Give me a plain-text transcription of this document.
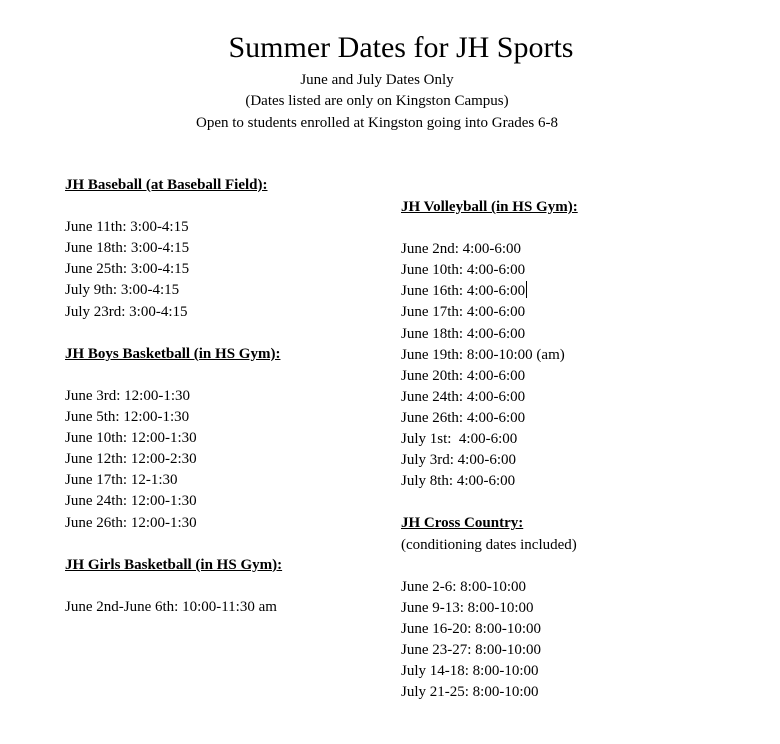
Summer Dates for JH Sports
June and July Dates Only
(Dates listed are only on Kingston Campus)
Open to students enrolled at Kingston going into Grades 6-8
JH Baseball (at Baseball Field):
June 11th: 3:00-4:15
June 18th: 3:00-4:15
June 25th: 3:00-4:15
July 9th: 3:00-4:15
July 23rd: 3:00-4:15
JH Boys Basketball (in HS Gym):
June 3rd: 12:00-1:30
June 5th: 12:00-1:30
June 10th: 12:00-1:30
June 12th: 12:00-2:30
June 17th: 12-1:30
June 24th: 12:00-1:30
June 26th: 12:00-1:30
JH Girls Basketball (in HS Gym):
June 2nd-June 6th: 10:00-11:30 am
JH Volleyball (in HS Gym):
June 2nd: 4:00-6:00
June 10th: 4:00-6:00
June 16th: 4:00-6:00
June 17th: 4:00-6:00
June 18th: 4:00-6:00
June 19th: 8:00-10:00 (am)
June 20th: 4:00-6:00
June 24th: 4:00-6:00
June 26th: 4:00-6:00
July 1st:  4:00-6:00
July 3rd: 4:00-6:00
July 8th: 4:00-6:00
JH Cross Country:
(conditioning dates included)
June 2-6: 8:00-10:00
June 9-13: 8:00-10:00
June 16-20: 8:00-10:00
June 23-27: 8:00-10:00
July 14-18: 8:00-10:00
July 21-25: 8:00-10:00
